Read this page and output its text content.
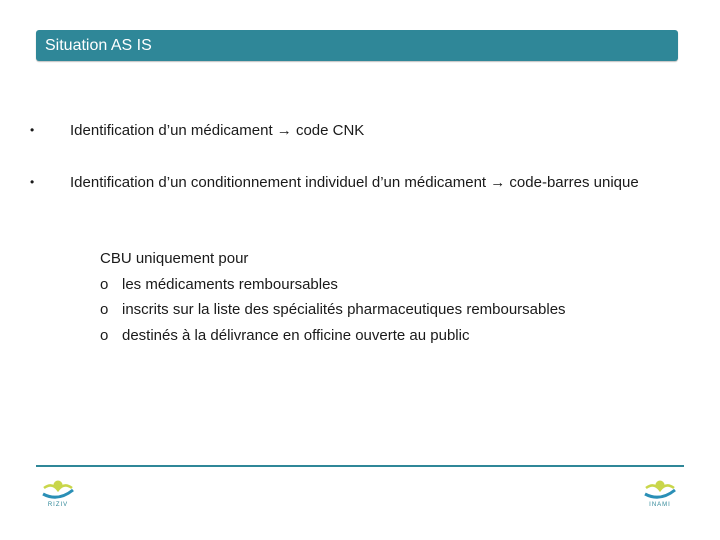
Situation AS IS
•	Identification d’un médicament → code CNK
•	Identification d’un conditionnement individuel d’un médicament → code-barres unique
CBU uniquement pour
o les médicaments remboursables
o inscrits sur la liste des spécialités pharmaceutiques remboursables
o destinés à la délivrance en officine ouverte au public
RIZIV	INAMI
